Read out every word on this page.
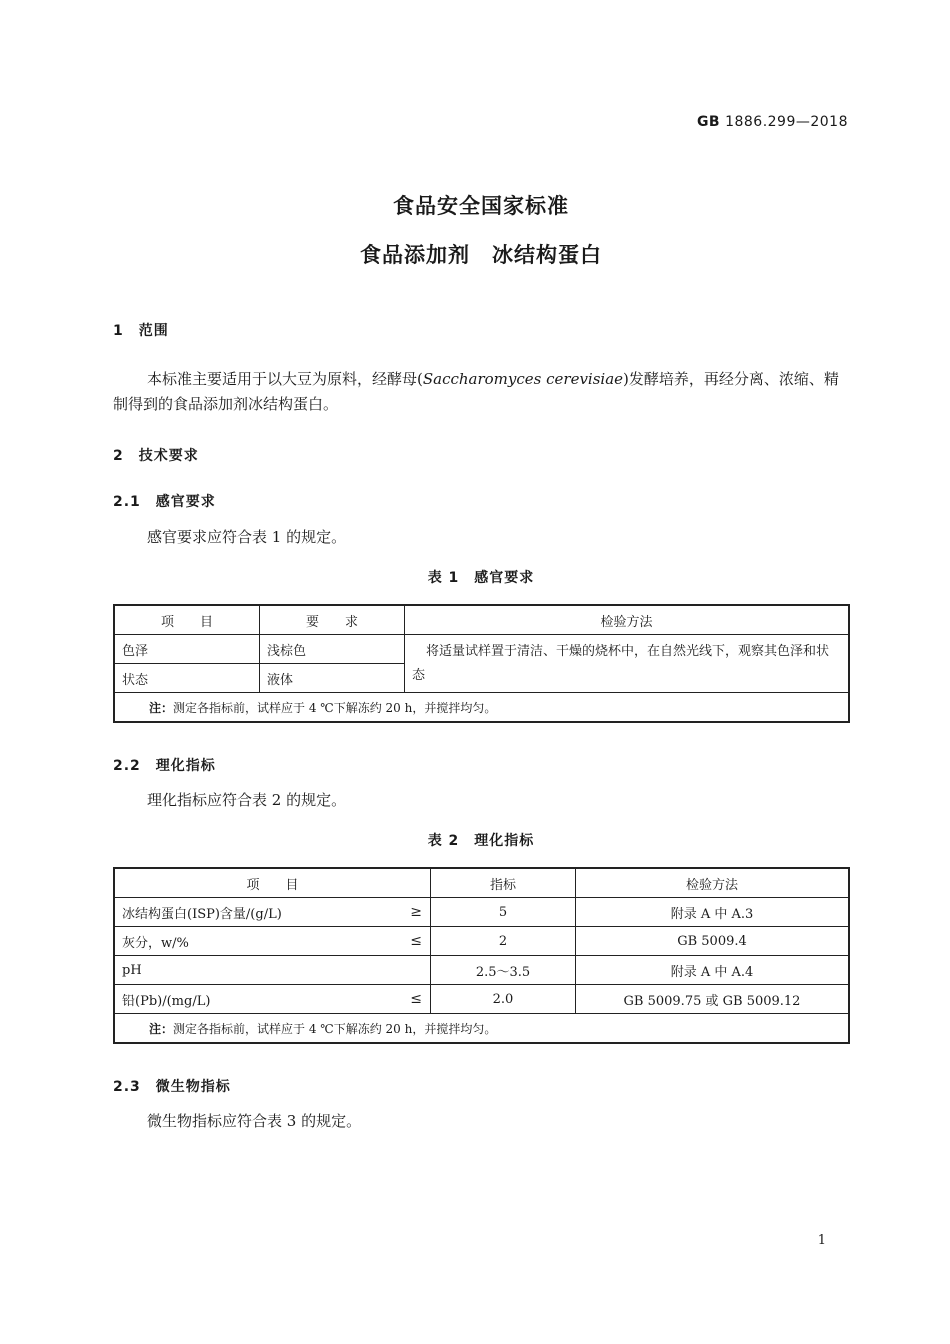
GB 1886.299—2018
食品安全国家标准
食品添加剂　冰结构蛋白
1　范围
本标准主要适用于以大豆为原料，经酵母(Saccharomyces cerevisiae)发酵培养，再经分离、浓缩、精制得到的食品添加剂冰结构蛋白。
2　技术要求
2.1　感官要求
感官要求应符合表 1 的规定。
表 1　感官要求
项　　目	要　　求	检验方法
色泽	浅棕色	将适量试样置于清洁、干燥的烧杯中，在自然光线下，观察其色泽和状态
状态	液体	
注：测定各指标前，试样应于 4 ℃下解冻约 20 h，并搅拌均匀。		
2.2　理化指标
理化指标应符合表 2 的规定。
表 2　理化指标
项　　目	指标	检验方法
冰结构蛋白(ISP)含量/(g/L) ≥	5	附录 A 中 A.3
灰分，w/% ≤	2	GB 5009.4
pH	2.5～3.5	附录 A 中 A.4
铅(Pb)/(mg/L) ≤	2.0	GB 5009.75 或 GB 5009.12
注：测定各指标前，试样应于 4 ℃下解冻约 20 h，并搅拌均匀。		
2.3　微生物指标
微生物指标应符合表 3 的规定。
1
